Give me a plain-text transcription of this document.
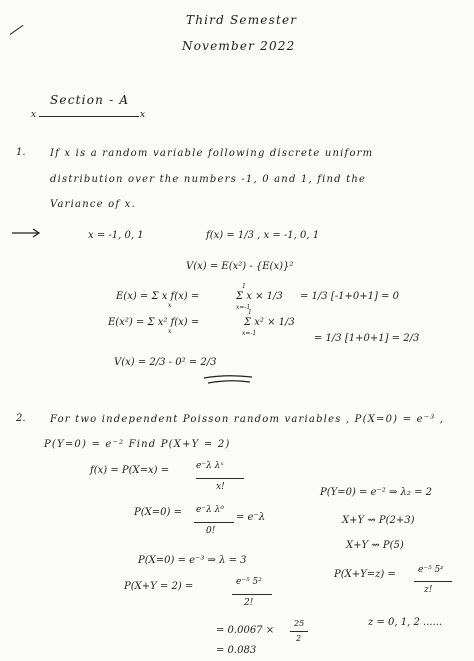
Third Semester
November 2022
Section - A
x	x
1. If x is a random variable following discrete uniform
distribution over the numbers -1, 0 and 1, find the
Variance of x.
x = -1, 0, 1	f(x) = 1/3 , x = -1, 0, 1
V(x) = E(x²) - {E(x)}²
E(x) = Σ x f(x) =
x
1
Σ x × 1/3
x=-1
= 1/3 [-1+0+1] = 0
E(x²) = Σ x² f(x) =
x
1
Σ x² × 1/3
x=-1	= 1/3 [1+0+1] = 2/3
V(x) = 2/3 - 0² = 2/3
2. For two independent Poisson random variables , P(X=0) = e⁻³ ,
P(Y=0) = e⁻² Find P(X+Y = 2)
f(x) = P(X=x) =	e⁻λ λˣ
x!
P(X=0) = e⁻λ λ⁰
0!
= e⁻λ
P(X=0) = e⁻³ ⇒ λ = 3
P(X+Y = 2) =	e⁻⁵ 5²
2!
= 0.0067 ×
25
2
= 0.083
P(Y=0) = e⁻² ⇒ λ₂ = 2
X+Y ⇝ P(2+3)
X+Y ⇝ P(5)
P(X+Y=z) = e⁻⁵ 5ᶻ
z!
z = 0, 1, 2 ......
